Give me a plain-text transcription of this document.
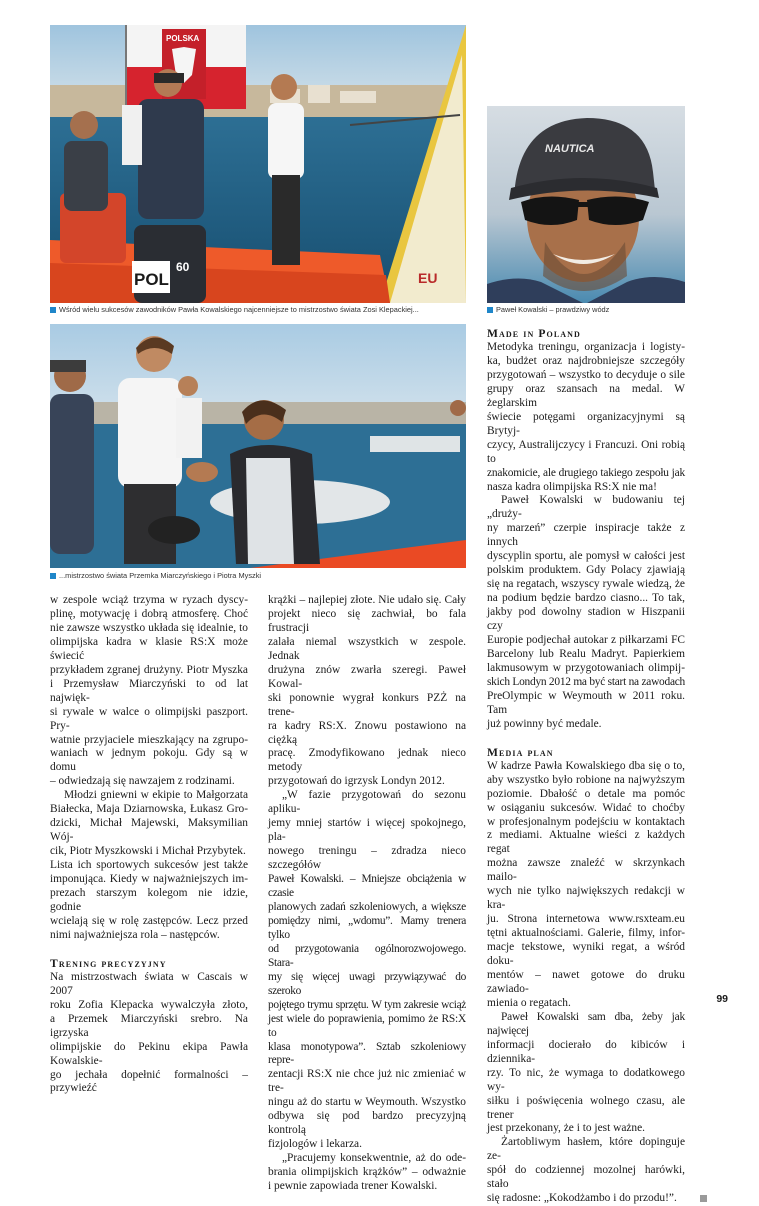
POLSKA
EU
60
POL
Wśród wielu sukcesów zawodników Pawła Kowalskiego najcenniejsze to mistrzostwo świata Zosi Klepackiej...
NAUTICA
Paweł Kowalski – prawdziwy wódz
...mistrzostwo świata Przemka Miarczyńskiego i Piotra Myszki

w zespole wciąż trzyma w ryzach dyscy-

plinę, motywację i dobrą atmosferę. Choć

nie zawsze wszystko układa się idealnie, to

olimpijska kadra w klasie RS:X może świecić

przykładem zgranej drużyny. Piotr Myszka

i Przemysław Miarczyński to od lat najwięk-

si rywale w walce o olimpijski paszport. Pry-

watnie przyjaciele mieszkający na zgrupo-

waniach w jednym pokoju. Gdy są w domu

– odwiedzają się nawzajem z rodzinami.

Młodzi gniewni w ekipie to Małgorzata

Białecka, Maja Dziarnowska, Łukasz Gro-

dzicki, Michał Majewski, Maksymilian Wój-

cik, Piotr Myszkowski i Michał Przybytek.

Lista ich sportowych sukcesów jest także

imponująca. Kiedy w najważniejszych im-

prezach starszym kolegom nie idzie, godnie

wcielają się w rolę zastępców. Lecz przed

nimi najważniejsza rola – następców.

Trening precyzyjny

Na mistrzostwach świata w Cascais w 2007

roku Zofia Klepacka wywalczyła złoto,

a Przemek Miarczyński srebro. Na igrzyska

olimpijskie do Pekinu ekipa Pawła Kowalskie-

go jechała dopełnić formalności – przywieźć

krążki – najlepiej złote. Nie udało się. Cały

projekt nieco się zachwiał, bo fala frustracji

zalała niemal wszystkich w zespole. Jednak

drużyna znów zwarła szeregi. Paweł Kowal-

ski ponownie wygrał konkurs PZŻ na trene-

ra kadry RS:X. Znowu postawiono na ciężką

pracę. Zmodyfikowano jednak nieco metody

przygotowań do igrzysk Londyn 2012.

„W fazie przygotowań do sezonu apliku-

jemy mniej startów i więcej spokojnego, pla-

nowego treningu – zdradza nieco szczegółów

Paweł Kowalski. – Mniejsze obciążenia w czasie

planowych zadań szkoleniowych, a większe

pomiędzy nimi, „wdomu”. Mamy trenera tylko

od przygotowania ogólnorozwojowego. Stara-

my się więcej uwagi przywiązywać do szeroko

pojętego trymu sprzętu. W tym zakresie wciąż

jest wiele do poprawienia, pomimo że RS:X to

klasa monotypowa”. Sztab szkoleniowy repre-

zentacji RS:X nie chce już nic zmieniać w tre-

ningu aż do startu w Weymouth. Wszystko

odbywa się pod bardzo precyzyjną kontrolą

fizjologów i lekarza.

„Pracujemy konsekwentnie, aż do ode-

brania olimpijskich krążków” – odważnie

i pewnie zapowiada trener Kowalski.

Made in Poland

Metodyka treningu, organizacja i logisty-

ka, budżet oraz najdrobniejsze szczegóły

przygotowań – wszystko to decyduje o sile

grupy oraz szansach na medal. W żeglarskim

świecie potęgami organizacyjnymi są Brytyj-

czycy, Australijczycy i Francuzi. Oni robią to

znakomicie, ale drugiego takiego zespołu jak

nasza kadra olimpijska RS:X nie ma!

Paweł Kowalski w budowaniu tej „druży-

ny marzeń” czerpie inspiracje także z innych

dyscyplin sportu, ale pomysł w całości jest

polskim produktem. Gdy Polacy zjawiają

się na regatach, wszyscy rywale wiedzą, że

na podium będzie bardzo ciasno... To tak,

jakby pod dowolny stadion w Hiszpanii czy

Europie podjechał autokar z piłkarzami FC

Barcelony lub Realu Madryt. Papierkiem

lakmusowym w przygotowaniach olimpij-

skich Londyn 2012 ma być start na zawodach

PreOlympic w Weymouth w 2011 roku. Tam

już powinny być medale.

Media plan

W kadrze Pawła Kowalskiego dba się o to,

aby wszystko było robione na najwyższym

poziomie. Dbałość o detale ma pomóc

w osiąganiu sukcesów. Widać to choćby

w profesjonalnym podejściu w kontaktach

z mediami. Aktualne wieści z każdych regat

można zawsze znaleźć w skrzynkach mailo-

wych nie tylko największych redakcji w kra-

ju. Strona internetowa www.rsxteam.eu

tętni aktualnościami. Galerie, filmy, infor-

macje tekstowe, wyniki regat, a wśród doku-

mentów – nawet gotowe do druku zawiado-

mienia o regatach.

Paweł Kowalski sam dba, żeby jak najwięcej

informacji docierało do kibiców i dziennika-

rzy. To nic, że wymaga to dodatkowego wy-

siłku i poświęcenia wolnego czasu, ale trener

jest przekonany, że i to jest ważne.

Żartobliwym hasłem, które dopinguje ze-

spół do codziennej mozolnej harówki, stało

się radosne: „Kokodżambo i do przodu!”.

99
